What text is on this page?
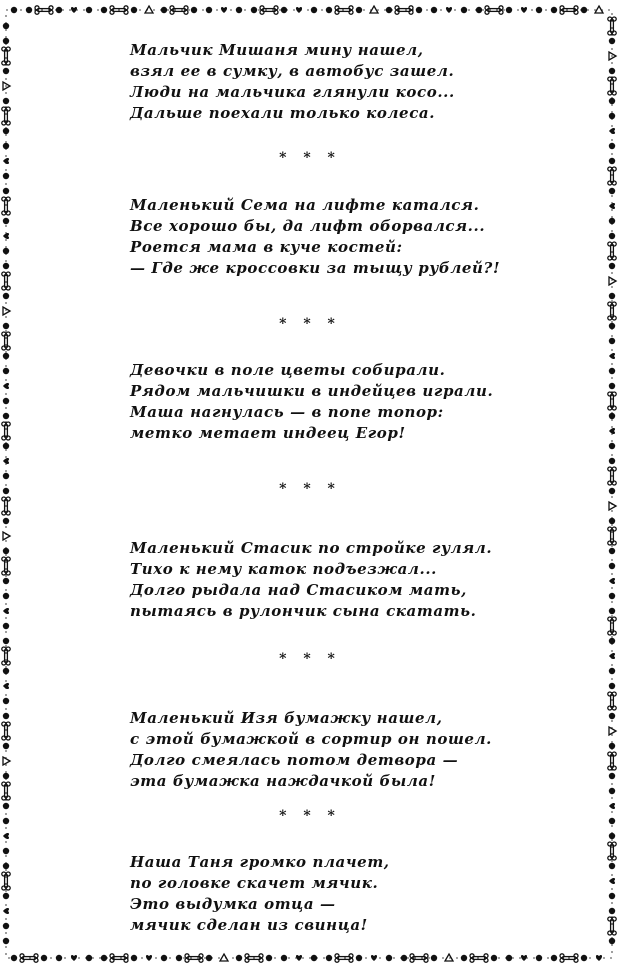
Мальчик Мишаня мину нашел,
взял ее в сумку, в автобус зашел.
Люди на мальчика глянули косо...
Дальше поехали только колеса.
* * *
Маленький Сема на лифте катался.
Все хорошо бы, да лифт оборвался...
Роется мама в куче костей:
— Где же кроссовки за тыщу рублей?!
* * *
Девочки в поле цветы собирали.
Рядом мальчишки в индейцев играли.
Маша нагнулась — в попе топор:
метко метает индеец Егор!
* * *
Маленький Стасик по стройке гулял.
Тихо к нему каток подъезжал...
Долго рыдала над Стасиком мать,
пытаясь в рулончик сына скатать.
* * *
Маленький Изя бумажку нашел,
с этой бумажкой в сортир он пошел.
Долго смеялась потом детвора —
эта бумажка наждачкой была!
* * *
Наша Таня громко плачет,
по головке скачет мячик.
Это выдумка отца —
мячик сделан из свинца!
